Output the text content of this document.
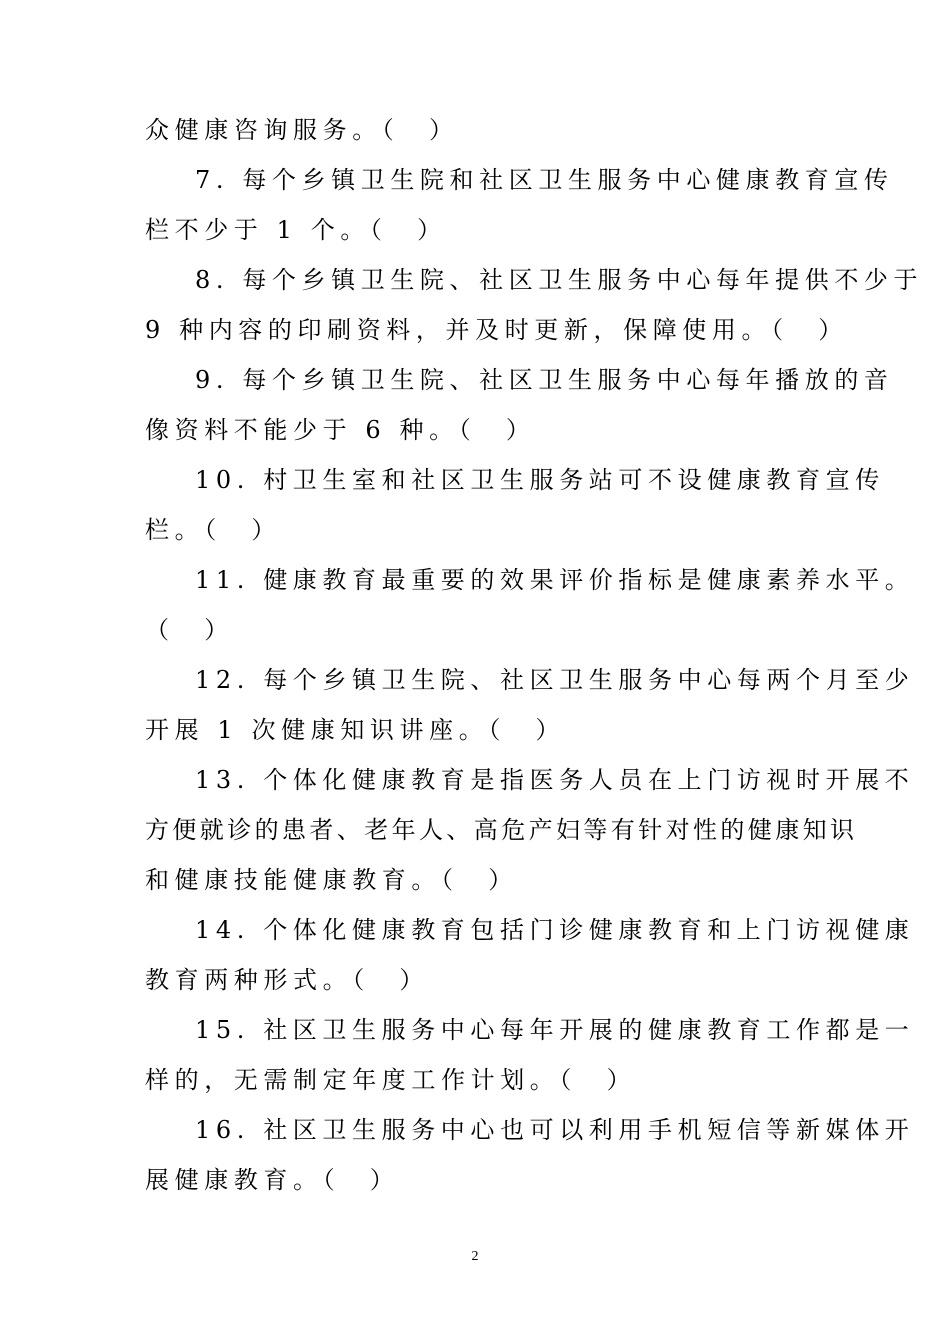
众健康咨询服务。（　）
7. 每个乡镇卫生院和社区卫生服务中心健康教育宣传
栏不少于 1 个。（　）
8. 每个乡镇卫生院、社区卫生服务中心每年提供不少于
9 种内容的印刷资料，并及时更新，保障使用。（　）
9. 每个乡镇卫生院、社区卫生服务中心每年播放的音
像资料不能少于 6 种。（　）
10. 村卫生室和社区卫生服务站可不设健康教育宣传
栏。（　）
11. 健康教育最重要的效果评价指标是健康素养水平。
（　）
12. 每个乡镇卫生院、社区卫生服务中心每两个月至少
开展 1 次健康知识讲座。（　）
13. 个体化健康教育是指医务人员在上门访视时开展不
方便就诊的患者、老年人、高危产妇等有针对性的健康知识
和健康技能健康教育。（　）
14. 个体化健康教育包括门诊健康教育和上门访视健康
教育两种形式。（　）
15. 社区卫生服务中心每年开展的健康教育工作都是一
样的，无需制定年度工作计划。（　）
16. 社区卫生服务中心也可以利用手机短信等新媒体开
展健康教育。（　）
2
